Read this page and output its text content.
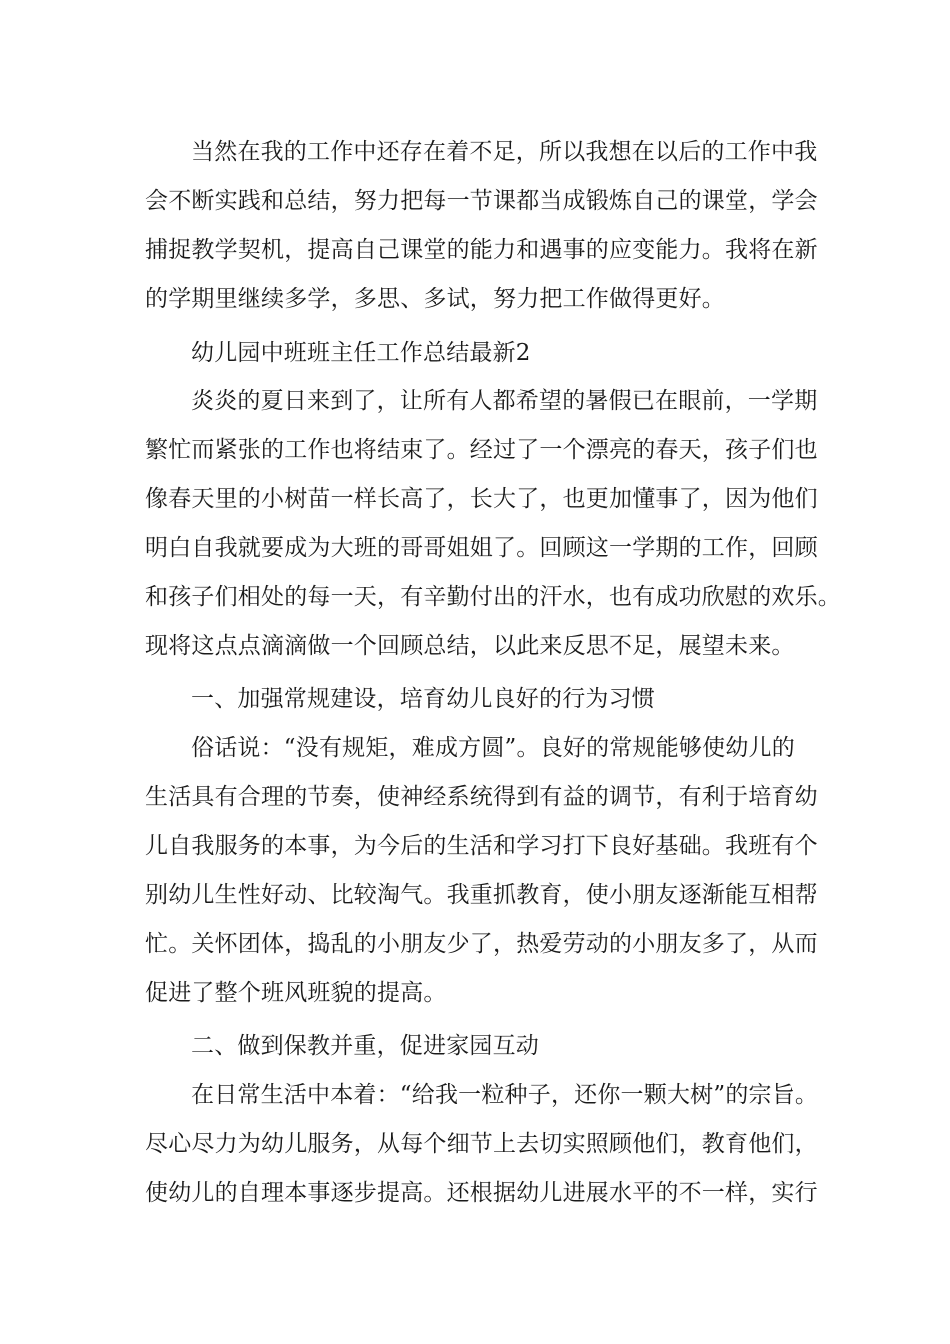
当然在我的工作中还存在着不足，所以我想在以后的工作中我

会不断实践和总结，努力把每一节课都当成锻炼自己的课堂，学会

捕捉教学契机，提高自己课堂的能力和遇事的应变能力。我将在新

的学期里继续多学，多思、多试，努力把工作做得更好。

幼儿园中班班主任工作总结最新2

炎炎的夏日来到了，让所有人都希望的暑假已在眼前，一学期

繁忙而紧张的工作也将结束了。经过了一个漂亮的春天，孩子们也

像春天里的小树苗一样长高了，长大了，也更加懂事了，因为他们

明白自我就要成为大班的哥哥姐姐了。回顾这一学期的工作，回顾

和孩子们相处的每一天，有辛勤付出的汗水，也有成功欣慰的欢乐。

现将这点点滴滴做一个回顾总结，以此来反思不足，展望未来。

一、加强常规建设，培育幼儿良好的行为习惯

俗话说：“没有规矩，难成方圆”。良好的常规能够使幼儿的

生活具有合理的节奏，使神经系统得到有益的调节，有利于培育幼

儿自我服务的本事，为今后的生活和学习打下良好基础。我班有个

别幼儿生性好动、比较淘气。我重抓教育，使小朋友逐渐能互相帮

忙。关怀团体，捣乱的小朋友少了，热爱劳动的小朋友多了，从而

促进了整个班风班貌的提高。

二、做到保教并重，促进家园互动

在日常生活中本着：“给我一粒种子，还你一颗大树”的宗旨。

尽心尽力为幼儿服务，从每个细节上去切实照顾他们，教育他们，

使幼儿的自理本事逐步提高。还根据幼儿进展水平的不一样，实行
